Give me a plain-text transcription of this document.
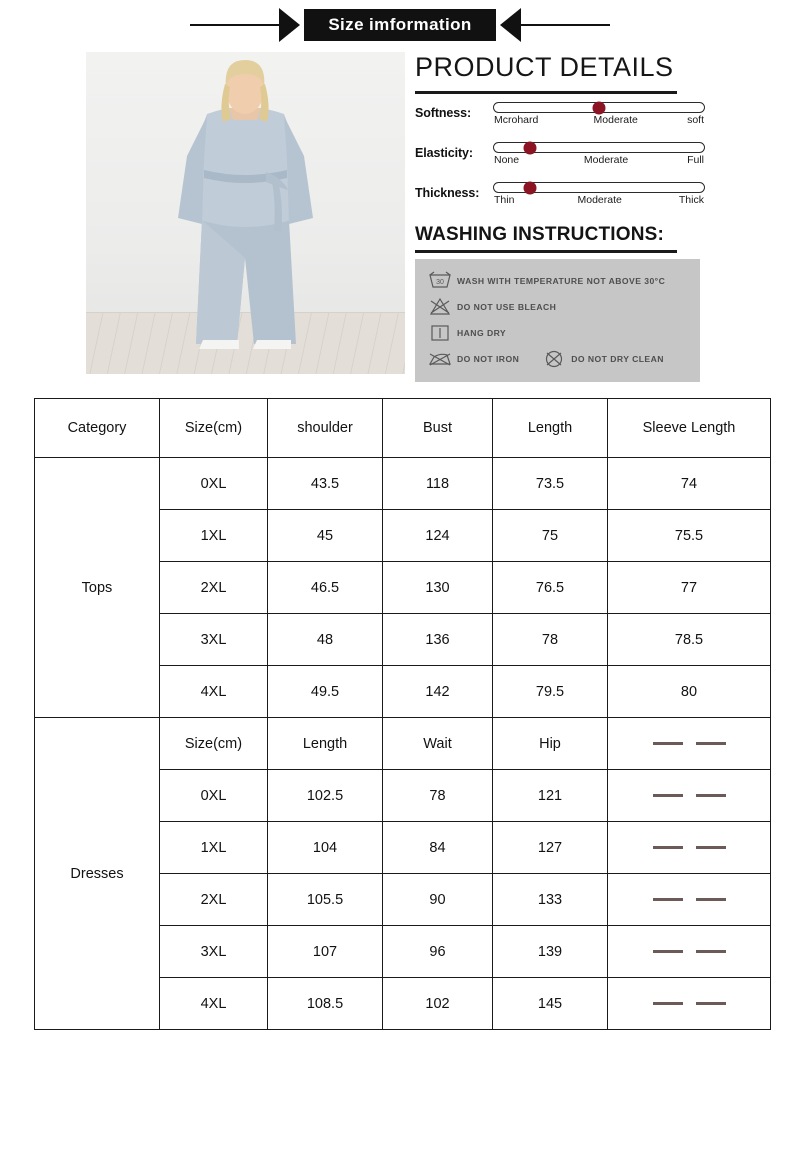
Size imformation
PRODUCT DETAILS
Softness:	Mcrohard	Moderate	soft
Elasticity:	None	Moderate	Full
Thickness:	Thin	Moderate	Thick
WASHING INSTRUCTIONS:
30 WASH WITH TEMPERATURE NOT ABOVE 30°C
DO NOT USE BLEACH
HANG DRY
DO NOT IRON	DO NOT DRY CLEAN
Category	Size(cm)	shoulder	Bust	Length	Sleeve Length
Tops	0XL	43.5	118	73.5	74
	1XL	45	124	75	75.5
	2XL	46.5	130	76.5	77
	3XL	48	136	78	78.5
	4XL	49.5	142	79.5	80
Dresses	Size(cm)	Length	Wait	Hip	

	0XL	102.5	78	121	

	1XL	104	84	127	

	2XL	105.5	90	133	

	3XL	107	96	139	

	4XL	108.5	102	145	
